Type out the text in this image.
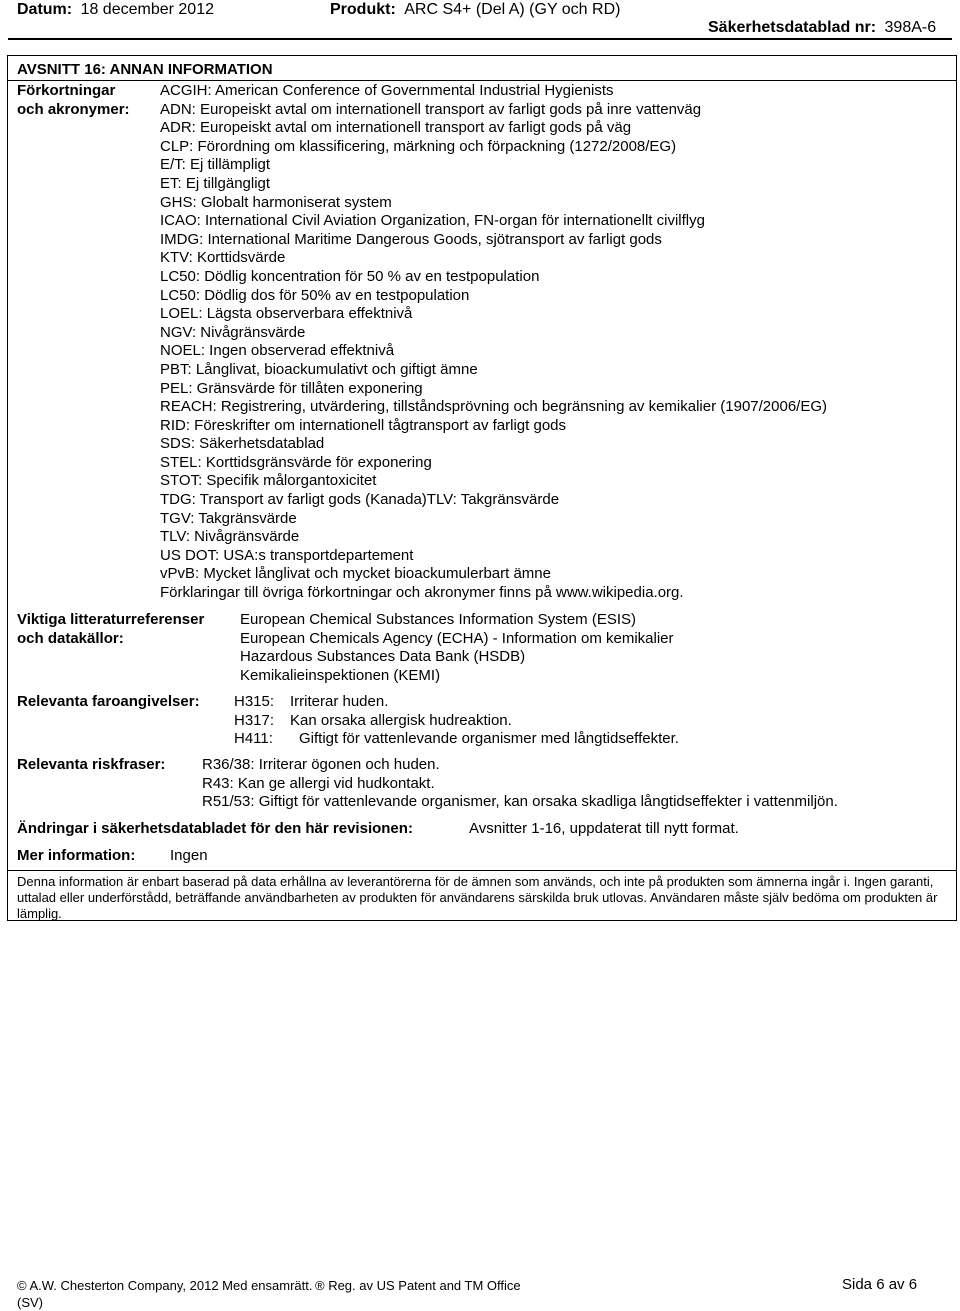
Datum: 18 december 2012	Produkt: ARC S4+ (Del A) (GY och RD)
Säkerhetsdatablad nr: 398A-6
AVSNITT 16: ANNAN INFORMATION
Förkortningar
och akronymer:
ACGIH: American Conference of Governmental Industrial Hygienists
ADN: Europeiskt avtal om internationell transport av farligt gods på inre vattenväg
ADR: Europeiskt avtal om internationell transport av farligt gods på väg
CLP: Förordning om klassificering, märkning och förpackning (1272/2008/EG)
E/T: Ej tillämpligt
ET: Ej tillgängligt
GHS: Globalt harmoniserat system
ICAO: International Civil Aviation Organization, FN-organ för internationellt civilflyg
IMDG: International Maritime Dangerous Goods, sjötransport av farligt gods
KTV: Korttidsvärde
LC50: Dödlig koncentration för 50 % av en testpopulation
LC50: Dödlig dos för 50% av en testpopulation
LOEL: Lägsta observerbara effektnivå
NGV: Nivågränsvärde
NOEL: Ingen observerad effektnivå
PBT: Långlivat, bioackumulativt och giftigt ämne
PEL: Gränsvärde för tillåten exponering
REACH: Registrering, utvärdering, tillståndsprövning och begränsning av kemikalier (1907/2006/EG)
RID: Föreskrifter om internationell tågtransport av farligt gods
SDS: Säkerhetsdatablad
STEL: Korttidsgränsvärde för exponering
STOT: Specifik målorgantoxicitet
TDG: Transport av farligt gods (Kanada)TLV: Takgränsvärde
TGV: Takgränsvärde
TLV: Nivågränsvärde
US DOT: USA:s transportdepartement
vPvB: Mycket långlivat och mycket bioackumulerbart ämne
Förklaringar till övriga förkortningar och akronymer finns på www.wikipedia.org.
Viktiga litteraturreferenser
och datakällor:
European Chemical Substances Information System (ESIS)
European Chemicals Agency (ECHA) - Information om kemikalier
Hazardous Substances Data Bank (HSDB)
Kemikalieinspektionen (KEMI)
Relevanta faroangivelser: H315: Irriterar huden.
H317: Kan orsaka allergisk hudreaktion.
H411: Giftigt för vattenlevande organismer med långtidseffekter.
Relevanta riskfraser: R36/38: Irriterar ögonen och huden.
R43: Kan ge allergi vid hudkontakt.
R51/53: Giftigt för vattenlevande organismer, kan orsaka skadliga långtidseffekter i vattenmiljön.
Ändringar i säkerhetsdatabladet för den här revisionen:	Avsnitter 1-16, uppdaterat till nytt format.
Mer information: Ingen
Denna information är enbart baserad på data erhållna av leverantörerna för de ämnen som används, och inte på produkten som ämnerna ingår i. Ingen garanti, uttalad eller underförstådd, beträffande användbarheten av produkten för användarens särskilda bruk utlovas. Användaren måste själv bedöma om produkten är lämplig.
© A.W. Chesterton Company, 2012 Med ensamrätt. ® Reg. av US Patent and TM Office
(SV)
Sida 6 av 6
